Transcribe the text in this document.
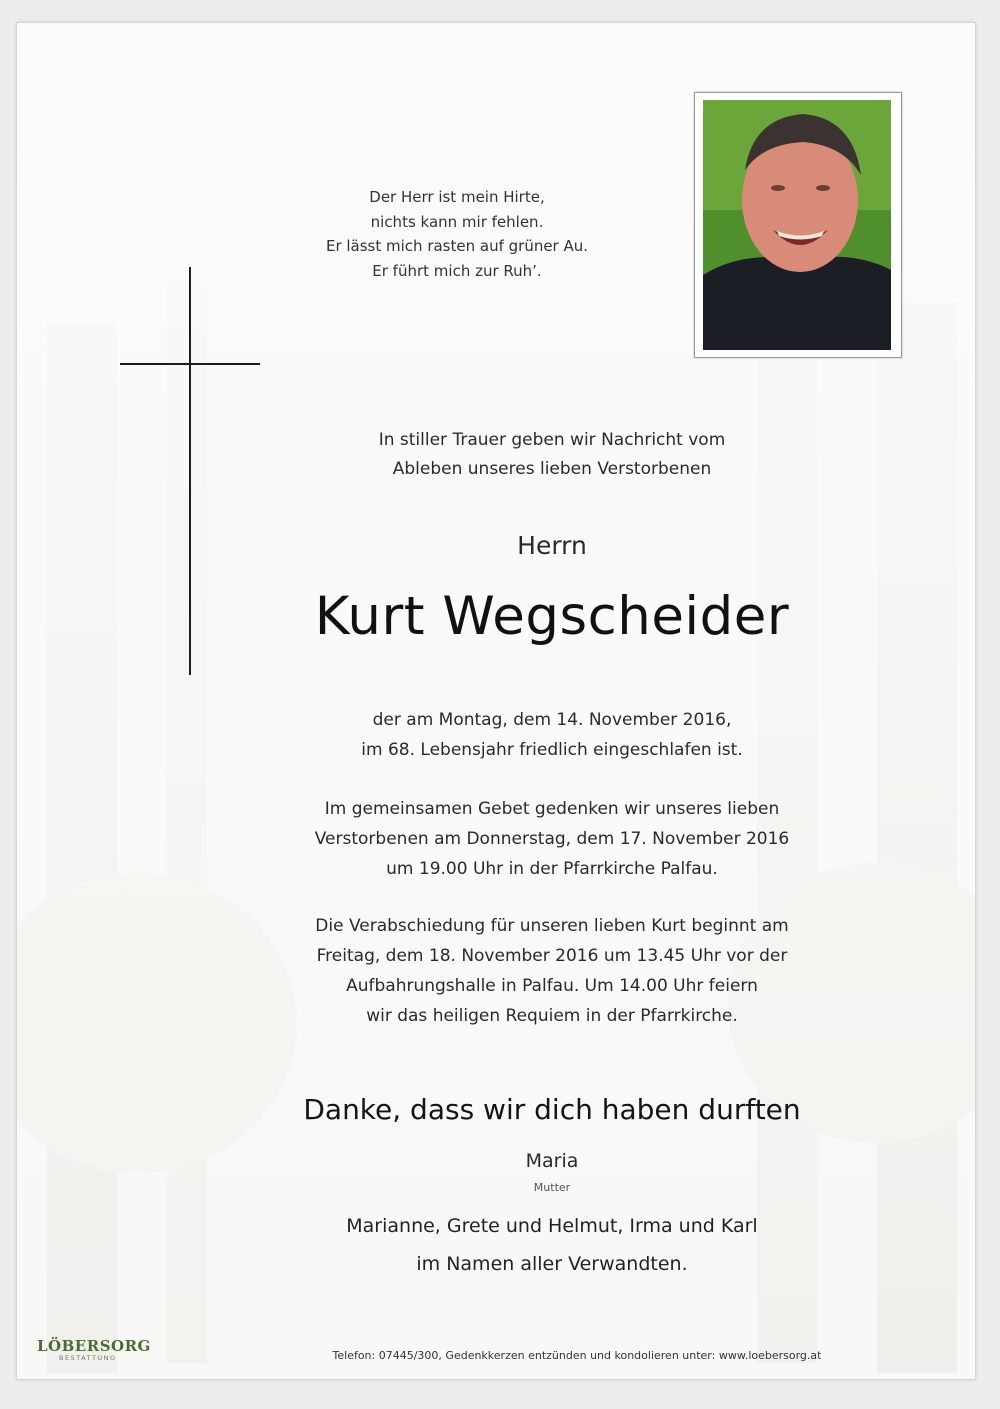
Der Herr ist mein Hirte,
nichts kann mir fehlen.
Er lässt mich rasten auf grüner Au.
Er führt mich zur Ruh’.
In stiller Trauer geben wir Nachricht vom
Ableben unseres lieben Verstorbenen
Herrn
Kurt Wegscheider
der am Montag, dem 14. November 2016,
im 68. Lebensjahr friedlich eingeschlafen ist.
Im gemeinsamen Gebet gedenken wir unseres lieben
Verstorbenen am Donnerstag, dem 17. November 2016
um 19.00 Uhr in der Pfarrkirche Palfau.
Die Verabschiedung für unseren lieben Kurt beginnt am
Freitag, dem 18. November 2016 um 13.45 Uhr vor der
Aufbahrungshalle in Palfau. Um 14.00 Uhr feiern
wir das heiligen Requiem in der Pfarrkirche.
Danke, dass wir dich haben durften
Maria
Mutter
Marianne, Grete und Helmut, Irma und Karl
im Namen aller Verwandten.
LÖBERSORG
BESTATTUNG	Telefon: 07445/300, Gedenkkerzen entzünden und kondolieren unter: www.loebersorg.at
